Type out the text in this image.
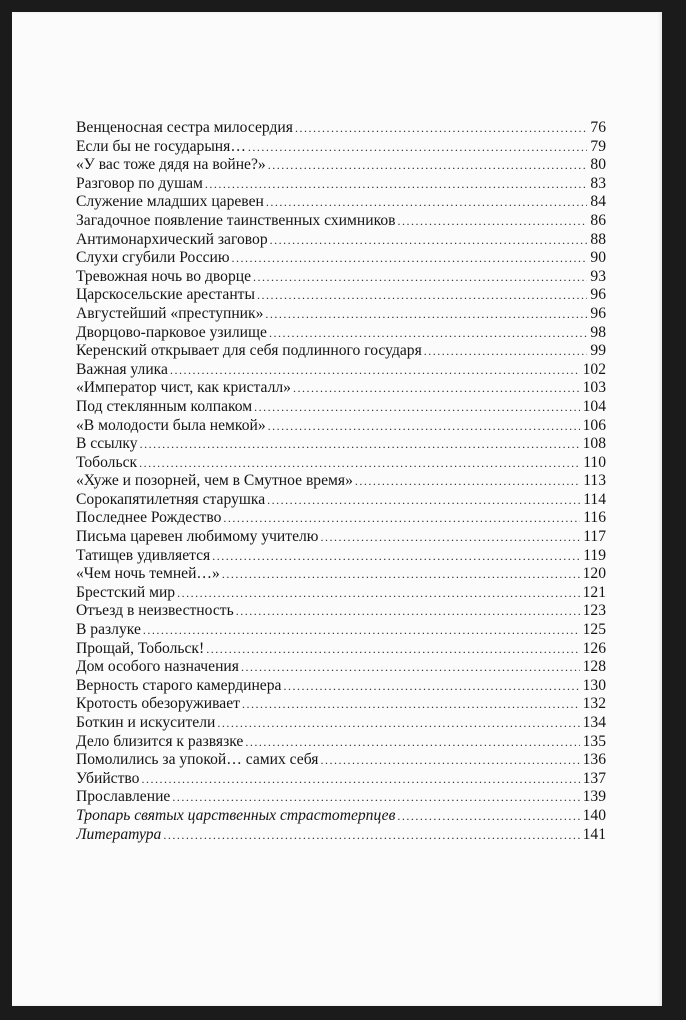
Венценосная сестра милосердия .....	76
Если бы не государыня… .....	79
«У вас тоже дядя на войне?» .....	80
Разговор по душам .....	83
Служение младших царевен .....	84
Загадочное появление таинственных схимников .....	86
Антимонархический заговор .....	88
Слухи сгубили Россию .....	90
Тревожная ночь во дворце .....	93
Царскосельские арестанты .....	96
Августейший «преступник» .....	96
Дворцово-парковое узилище .....	98
Керенский открывает для себя подлинного государя .....	99
Важная улика .....	102
«Император чист, как кристалл» .....	103
Под стеклянным колпаком .....	104
«В молодости была немкой» .....	106
В ссылку .....	108
Тобольск .....	110
«Хуже и позорней, чем в Смутное время» .....	113
Сорокапятилетняя старушка .....	114
Последнее Рождество .....	116
Письма царевен любимому учителю .....	117
Татищев удивляется .....	119
«Чем ночь темней…» .....	120
Брестский мир .....	121
Отъезд в неизвестность .....	123
В разлуке .....	125
Прощай, Тобольск! .....	126
Дом особого назначения .....	128
Верность старого камердинера .....	130
Кротость обезоруживает .....	132
Боткин и искусители .....	134
Дело близится к развязке .....	135
Помолились за упокой… самих себя .....	136
Убийство .....	137
Прославление .....	139
Тропарь святых царственных страстотерпцев .....	140
Литература .....	141
